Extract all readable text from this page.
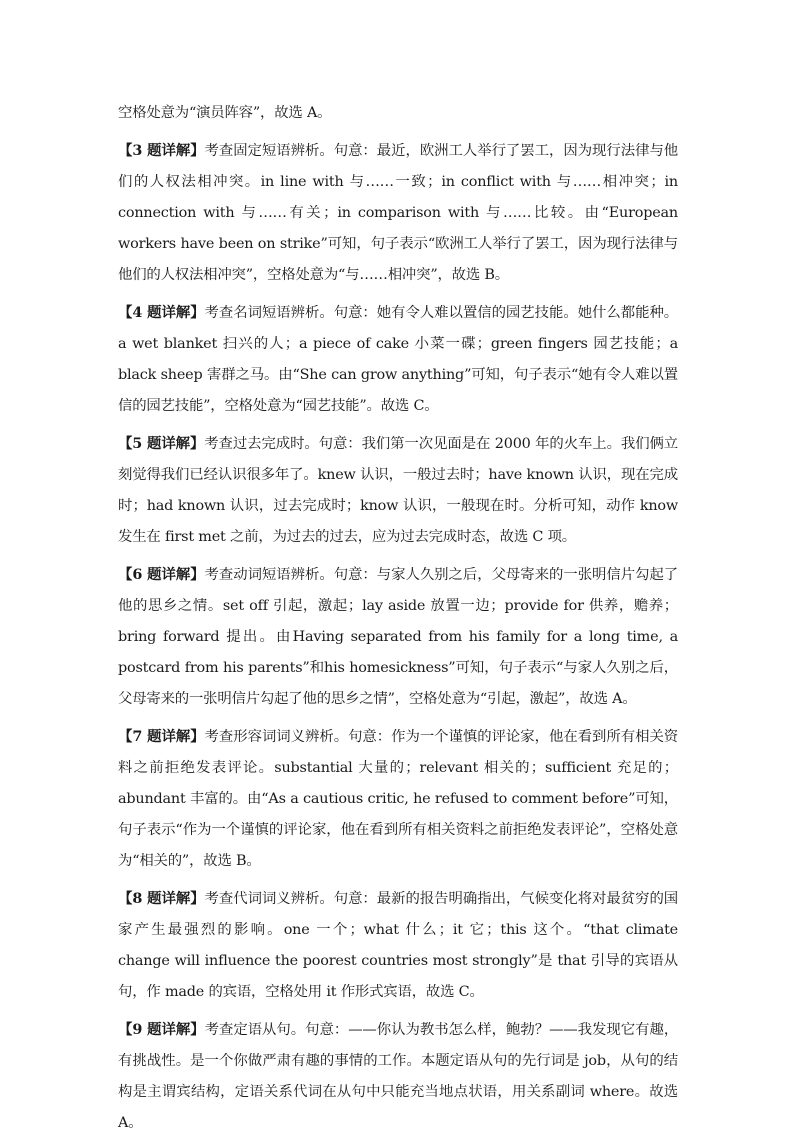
空格处意为“演员阵容”，故选 A。

【3 题详解】考查固定短语辨析。句意：最近，欧洲工人举行了罢工，因为现行法律与他们的人权法相冲突。in line with 与……一致；in conflict with 与……相冲突；in connection with 与……有关；in comparison with 与……比较。由“European workers have been on strike”可知，句子表示“欧洲工人举行了罢工，因为现行法律与他们的人权法相冲突”，空格处意为“与……相冲突”，故选 B。

【4 题详解】考查名词短语辨析。句意：她有令人难以置信的园艺技能。她什么都能种。a wet blanket 扫兴的人；a piece of cake 小菜一碟；green fingers 园艺技能；a black sheep 害群之马。由“She can grow anything”可知，句子表示“她有令人难以置信的园艺技能”，空格处意为“园艺技能”。故选 C。

【5 题详解】考查过去完成时。句意：我们第一次见面是在 2000 年的火车上。我们俩立刻觉得我们已经认识很多年了。knew 认识，一般过去时；have known 认识，现在完成时；had known 认识，过去完成时；know 认识，一般现在时。分析可知，动作 know 发生在 first met 之前，为过去的过去，应为过去完成时态，故选 C 项。

【6 题详解】考查动词短语辨析。句意：与家人久别之后，父母寄来的一张明信片勾起了他的思乡之情。set off 引起，激起；lay aside 放置一边；provide for 供养，赡养；bring forward 提出。由Having separated from his family for a long time, a postcard from his parents”和his homesickness”可知，句子表示“与家人久别之后，父母寄来的一张明信片勾起了他的思乡之情”，空格处意为“引起，激起”，故选 A。

【7 题详解】考查形容词词义辨析。句意：作为一个谨慎的评论家，他在看到所有相关资料之前拒绝发表评论。substantial 大量的；relevant 相关的；sufficient 充足的；abundant 丰富的。由“As a cautious critic, he refused to comment before”可知，句子表示“作为一个谨慎的评论家，他在看到所有相关资料之前拒绝发表评论”，空格处意为“相关的”，故选 B。

【8 题详解】考查代词词义辨析。句意：最新的报告明确指出，气候变化将对最贫穷的国家产生最强烈的影响。one 一个；what 什么；it 它；this 这个。“that climate change will influence the poorest countries most strongly”是 that 引导的宾语从句，作 made 的宾语，空格处用 it 作形式宾语，故选 C。

【9 题详解】考查定语从句。句意：——你认为教书怎么样，鲍勃？——我发现它有趣，有挑战性。是一个你做严肃有趣的事情的工作。本题定语从句的先行词是 job，从句的结构是主谓宾结构，定语关系代词在从句中只能充当地点状语，用关系副词 where。故选 A。
